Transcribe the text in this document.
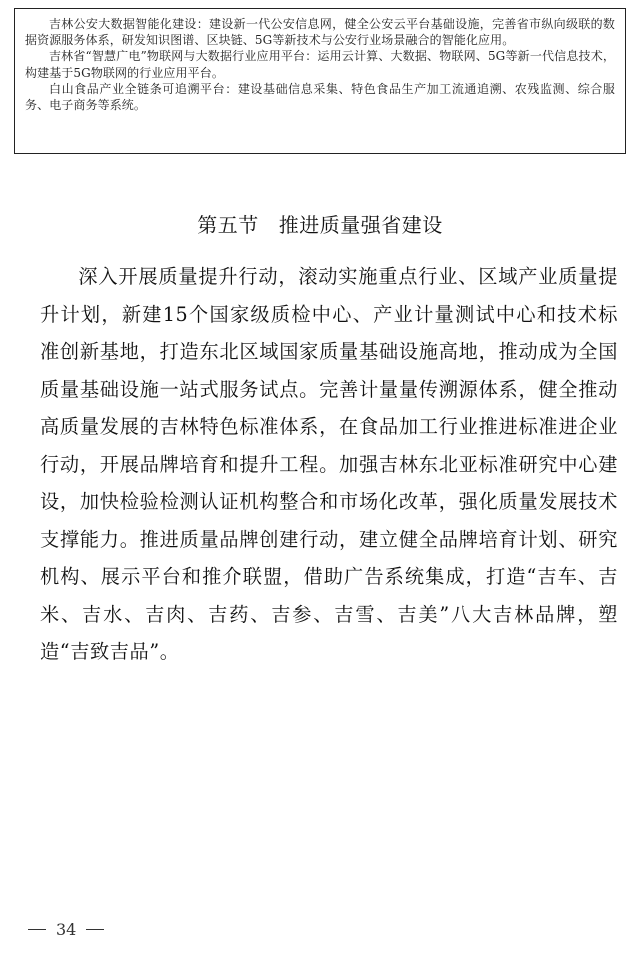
吉林公安大数据智能化建设：建设新一代公安信息网，健全公安云平台基础设施，完善省市纵向级联的数据资源服务体系，研发知识图谱、区块链、5G等新技术与公安行业场景融合的智能化应用。

吉林省“智慧广电”物联网与大数据行业应用平台：运用云计算、大数据、物联网、5G等新一代信息技术，构建基于5G物联网的行业应用平台。

白山食品产业全链条可追溯平台：建设基础信息采集、特色食品生产加工流通追溯、农残监测、综合服务、电子商务等系统。

第五节 推进质量强省建设

深入开展质量提升行动，滚动实施重点行业、区域产业质量提升计划，新建15个国家级质检中心、产业计量测试中心和技术标准创新基地，打造东北区域国家质量基础设施高地，推动成为全国质量基础设施一站式服务试点。完善计量量传溯源体系，健全推动高质量发展的吉林特色标准体系，在食品加工行业推进标准进企业行动，开展品牌培育和提升工程。加强吉林东北亚标准研究中心建设，加快检验检测认证机构整合和市场化改革，强化质量发展技术支撑能力。推进质量品牌创建行动，建立健全品牌培育计划、研究机构、展示平台和推介联盟，借助广告系统集成，打造“吉车、吉米、吉水、吉肉、吉药、吉参、吉雪、吉美”八大吉林品牌，塑造“吉致吉品”。

34
